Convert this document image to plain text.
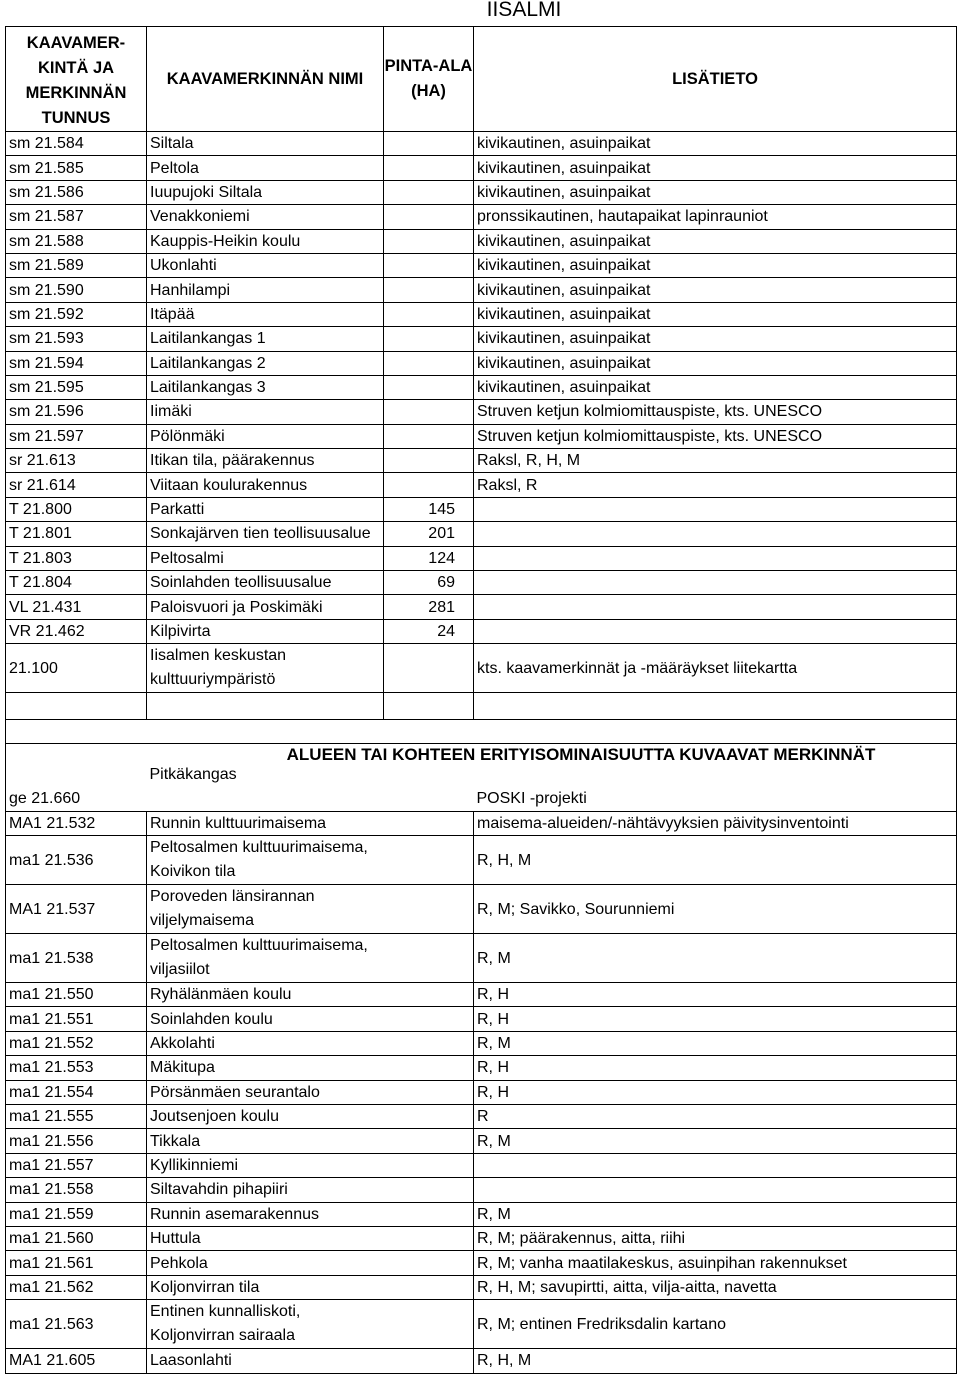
IISALMI
KAAVAMER-KINTÄ JA MERKINNÄN TUNNUS	KAAVAMERKINNÄN NIMI	PINTA-ALA (HA)	LISÄTIETO
sm 21.584	Siltala		kivikautinen, asuinpaikat
sm 21.585	Peltola		kivikautinen, asuinpaikat
sm 21.586	Iuupujoki Siltala		kivikautinen, asuinpaikat
sm 21.587	Venakkoniemi		pronssikautinen, hautapaikat lapinrauniot
sm 21.588	Kauppis-Heikin koulu		kivikautinen, asuinpaikat
sm 21.589	Ukonlahti		kivikautinen, asuinpaikat
sm 21.590	Hanhilampi		kivikautinen, asuinpaikat
sm 21.592	Itäpää		kivikautinen, asuinpaikat
sm 21.593	Laitilankangas 1		kivikautinen, asuinpaikat
sm 21.594	Laitilankangas 2		kivikautinen, asuinpaikat
sm 21.595	Laitilankangas 3		kivikautinen, asuinpaikat
sm 21.596	Iimäki		Struven ketjun kolmiomittauspiste, kts. UNESCO
sm 21.597	Pölönmäki		Struven ketjun kolmiomittauspiste, kts. UNESCO
sr 21.613	Itikan tila, päärakennus		Raksl, R, H, M
sr 21.614	Viitaan koulurakennus		Raksl, R
T 21.800	Parkatti	145	
T 21.801	Sonkajärven tien teollisuusalue	201	
T 21.803	Peltosalmi	124	
T 21.804	Soinlahden teollisuusalue	69	
VL 21.431	Paloisvuori ja Poskimäki	281	
VR 21.462	Kilpivirta	24	
21.100	Iisalmen keskustan kulttuuriympäristö		kts. kaavamerkinnät ja -määräykset liitekartta

ALUEEN TAI KOHTEEN ERITYISOMINAISUUTTA KUVAAVAT MERKINNÄT			
ge 21.660	Pitkäkangas		POSKI -projekti
MA1 21.532	Runnin kulttuurimaisema		maisema-alueiden/-nähtävyyksien päivitysinventointi
ma1 21.536	Peltosalmen kulttuurimaisema, Koivikon tila		R, H, M
MA1 21.537	Poroveden länsirannan viljelymaisema		R, M; Savikko, Sourunniemi
ma1 21.538	Peltosalmen kulttuurimaisema, viljasiilot		R, M
ma1 21.550	Ryhälänmäen koulu		R, H
ma1 21.551	Soinlahden koulu		R, H
ma1 21.552	Akkolahti		R, M
ma1 21.553	Mäkitupa		R, H
ma1 21.554	Pörsänmäen seurantalo		R, H
ma1 21.555	Joutsenjoen koulu		R
ma1 21.556	Tikkala		R, M
ma1 21.557	Kyllikinniemi		
ma1 21.558	Siltavahdin pihapiiri		
ma1 21.559	Runnin asemarakennus		R, M
ma1 21.560	Huttula		R, M; päärakennus, aitta, riihi
ma1 21.561	Pehkola		R, M; vanha maatilakeskus, asuinpihan rakennukset
ma1 21.562	Koljonvirran tila		R, H, M; savupirtti, aitta, vilja-aitta, navetta
ma1 21.563	Entinen kunnalliskoti, Koljonvirran sairaala		R, M; entinen Fredriksdalin kartano
MA1 21.605	Laasonlahti		R, H, M
